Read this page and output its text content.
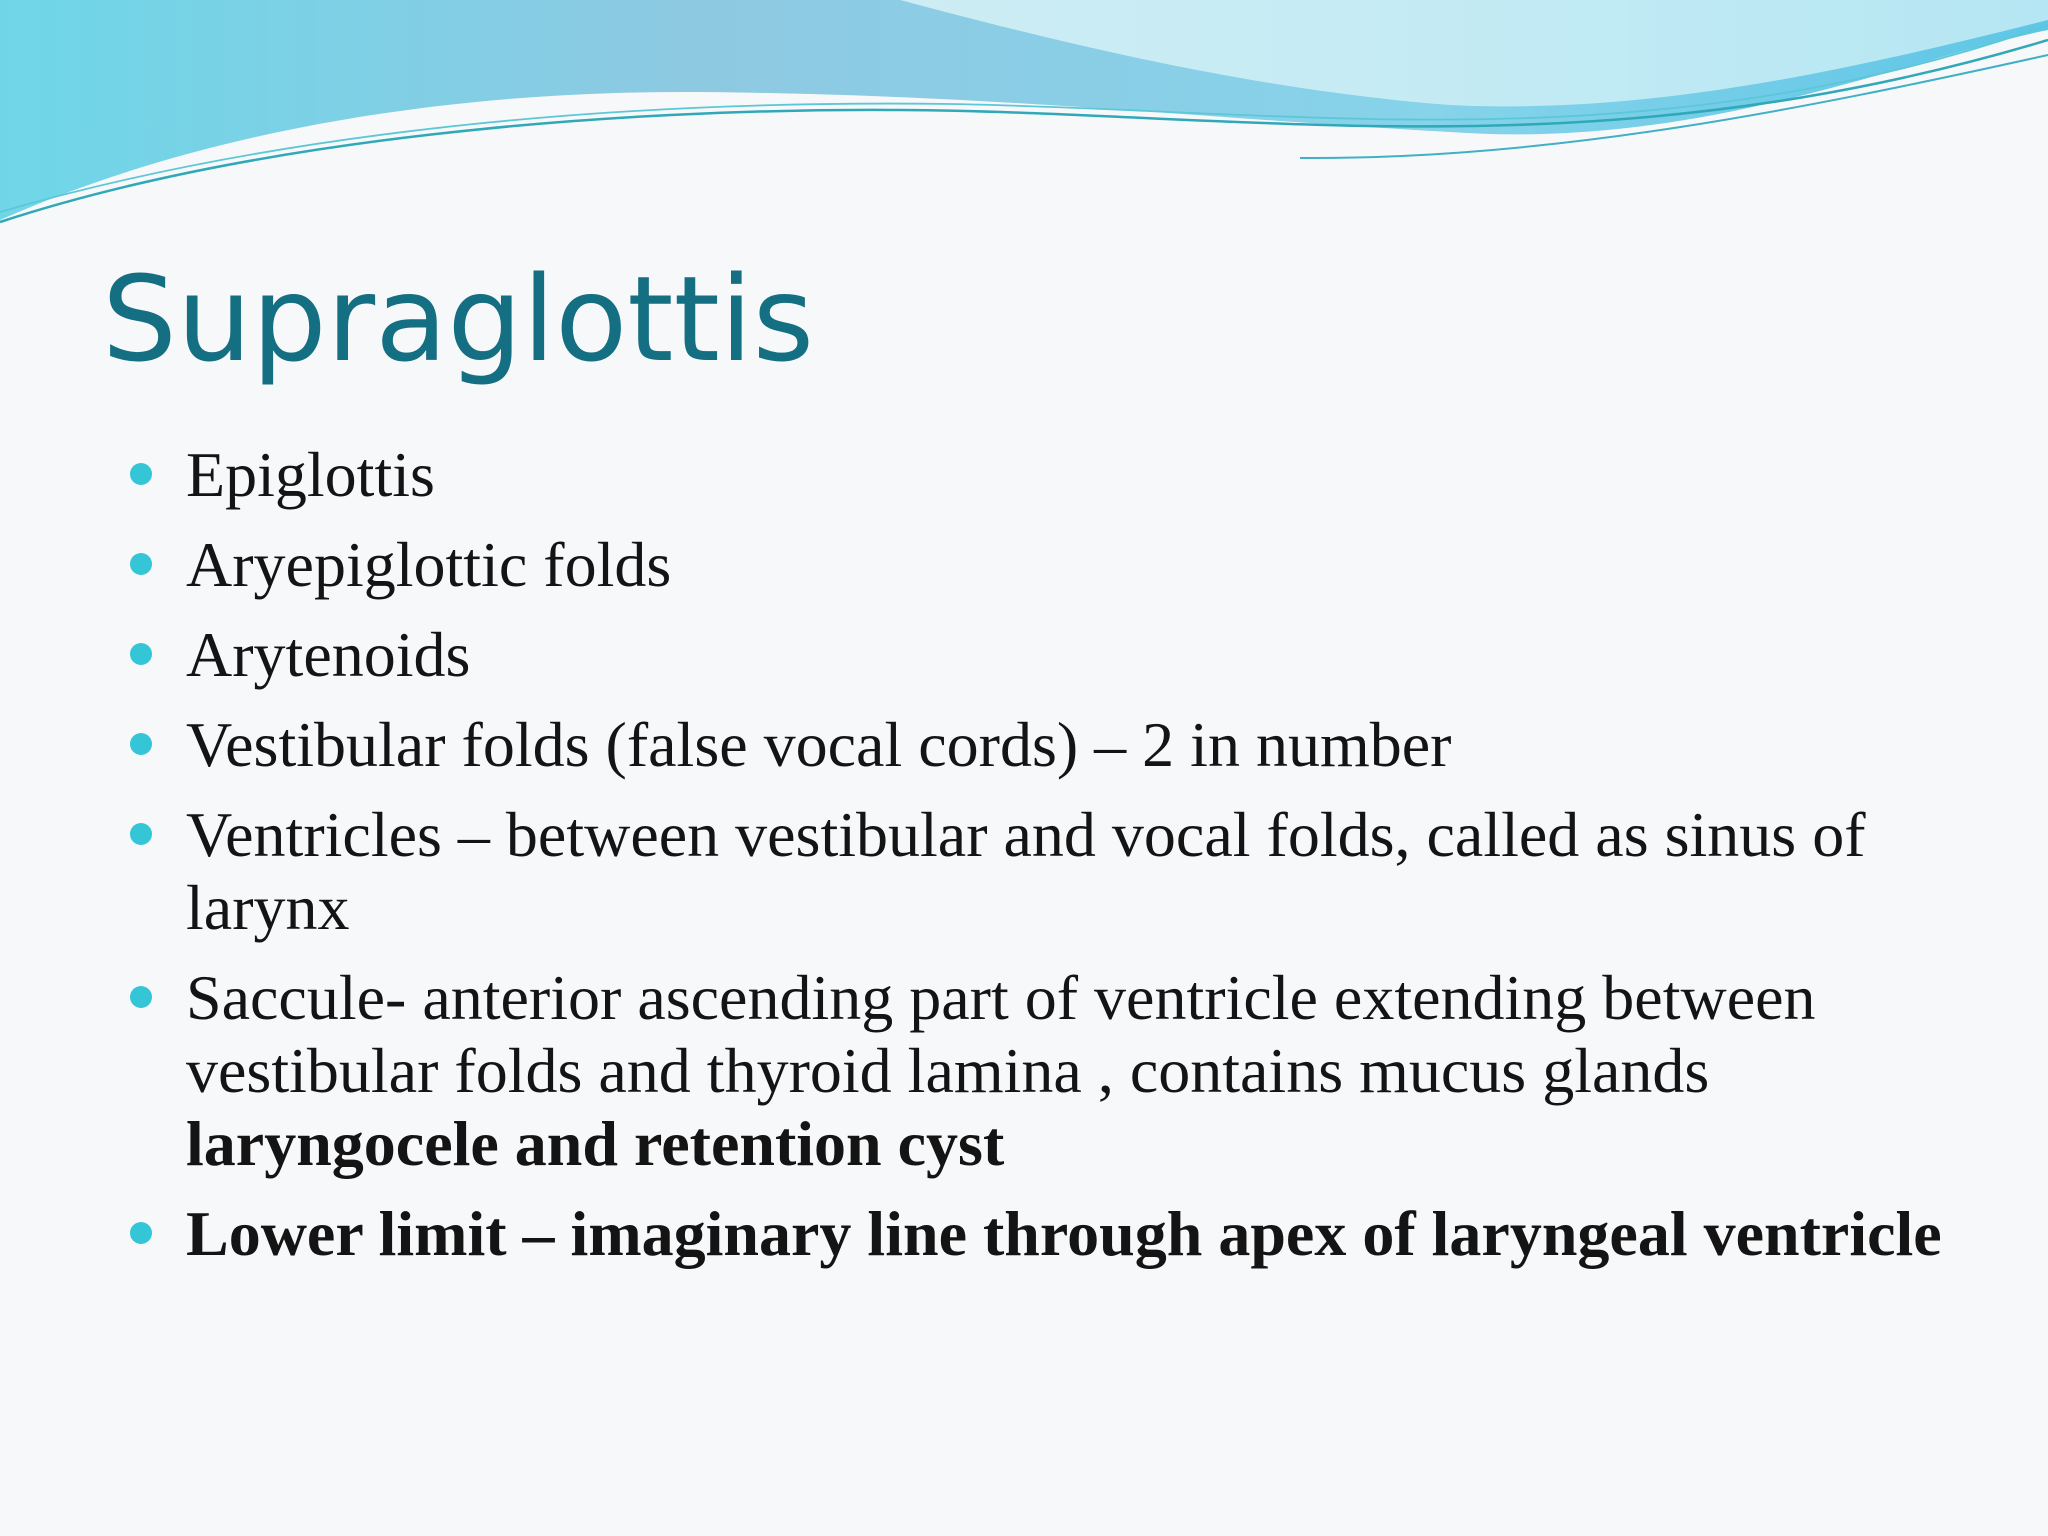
Supraglottis
Epiglottis
Aryepiglottic folds
Arytenoids
Vestibular folds (false vocal cords) – 2 in number
Ventricles – between vestibular and vocal folds, called as sinus of larynx
Saccule- anterior ascending part of ventricle extending between vestibular folds and thyroid lamina , contains mucus glandslaryngocele and retention cyst
Lower limit – imaginary line through apex of laryngeal ventricle
